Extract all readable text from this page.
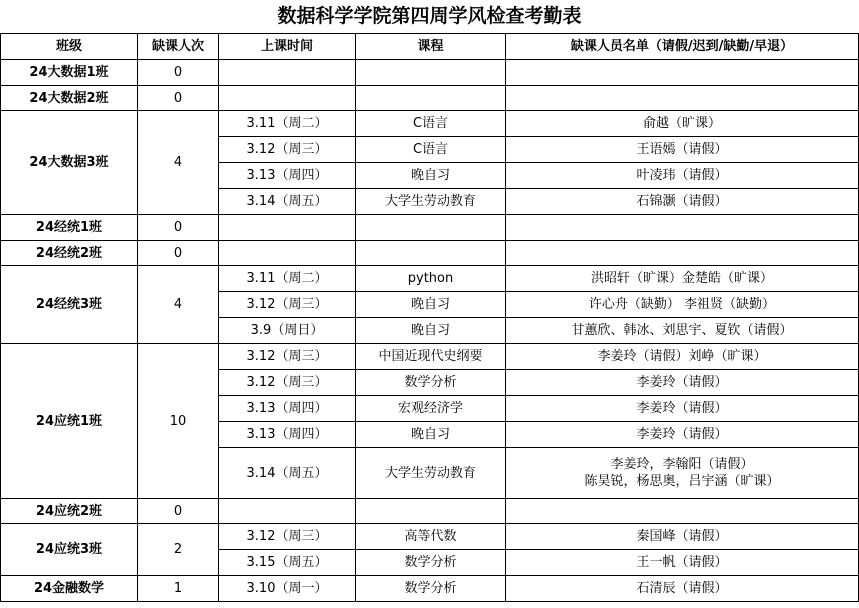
数据科学学院第四周学风检查考勤表
班级	缺课人次	上课时间	课程	缺课人员名单（请假/迟到/缺勤/早退）
24大数据1班	0			
24大数据2班	0			
24大数据3班	4	3.11（周二）	C语言	俞越（旷课）
		3.12（周三）	C语言	王语嫣（请假）
		3.13（周四）	晚自习	叶凌玮（请假）
		3.14（周五）	大学生劳动教育	石锦灏（请假）
24经统1班	0			
24经统2班	0			
24经统3班	4	3.11（周二）	python	洪昭轩（旷课）金楚皓（旷课）
		3.12（周三）	晚自习	许心舟（缺勤） 李祖贤（缺勤）
		3.9（周日）	晚自习	甘蕙欣、韩冰、刘思宇、夏钦（请假）
24应统1班	10	3.12（周三）	中国近现代史纲要	李姜玲（请假）刘峥（旷课）
		3.12（周三）	数学分析	李姜玲（请假）
		3.13（周四）	宏观经济学	李姜玲（请假）
		3.13（周四）	晚自习	李姜玲（请假）
		3.14（周五）	大学生劳动教育	李姜玲，李翰阳（请假）
陈昊锐，杨思奥，吕宇涵（旷课）

24应统2班	0			
24应统3班	2	3.12（周三）	高等代数	秦国峰（请假）
		3.15（周五）	数学分析	王一帆（请假）
24金融数学	1	3.10（周一）	数学分析	石清辰（请假）
